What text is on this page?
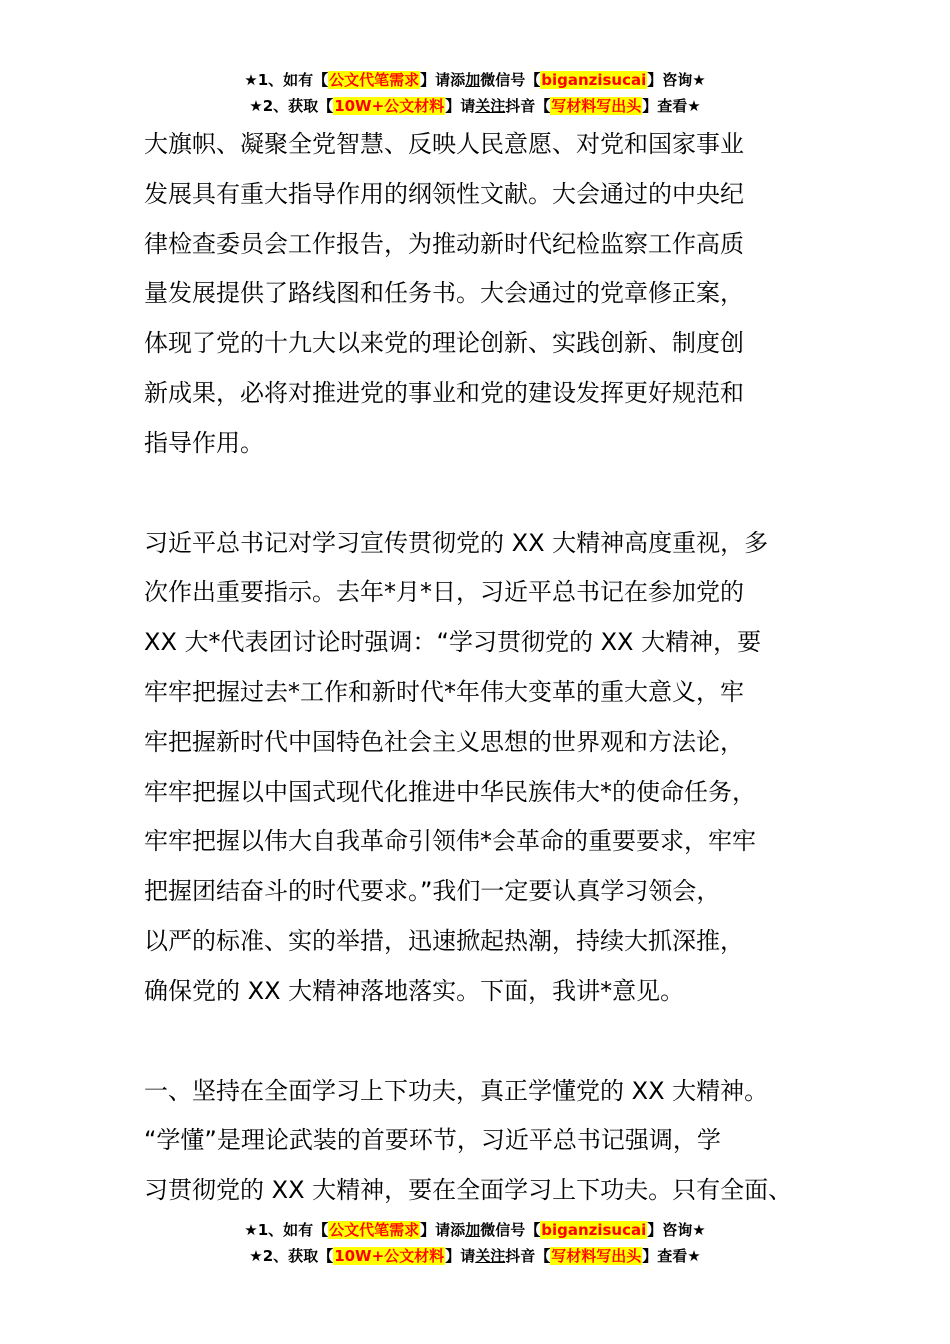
★1、如有【公文代笔需求】请添加微信号【biganzisucai】咨询★
★2、获取【10W+公文材料】请关注抖音【写材料写出头】查看★
大旗帜、凝聚全党智慧、反映人民意愿、对党和国家事业
发展具有重大指导作用的纲领性文献。大会通过的中央纪
律检查委员会工作报告，为推动新时代纪检监察工作高质
量发展提供了路线图和任务书。大会通过的党章修正案，
体现了党的十九大以来党的理论创新、实践创新、制度创
新成果，必将对推进党的事业和党的建设发挥更好规范和
指导作用。
习近平总书记对学习宣传贯彻党的 XX 大精神高度重视，多
次作出重要指示。去年*月*日，习近平总书记在参加党的
XX 大*代表团讨论时强调：“学习贯彻党的 XX 大精神，要
牢牢把握过去*工作和新时代*年伟大变革的重大意义，牢
牢把握新时代中国特色社会主义思想的世界观和方法论，
牢牢把握以中国式现代化推进中华民族伟大*的使命任务，
牢牢把握以伟大自我革命引领伟*会革命的重要要求，牢牢
把握团结奋斗的时代要求。”我们一定要认真学习领会，
以严的标准、实的举措，迅速掀起热潮，持续大抓深推，
确保党的 XX 大精神落地落实。下面，我讲*意见。
一、坚持在全面学习上下功夫，真正学懂党的 XX 大精神。
“学懂”是理论武装的首要环节，习近平总书记强调，学
习贯彻党的 XX 大精神，要在全面学习上下功夫。只有全面、
★1、如有【公文代笔需求】请添加微信号【biganzisucai】咨询★
★2、获取【10W+公文材料】请关注抖音【写材料写出头】查看★
